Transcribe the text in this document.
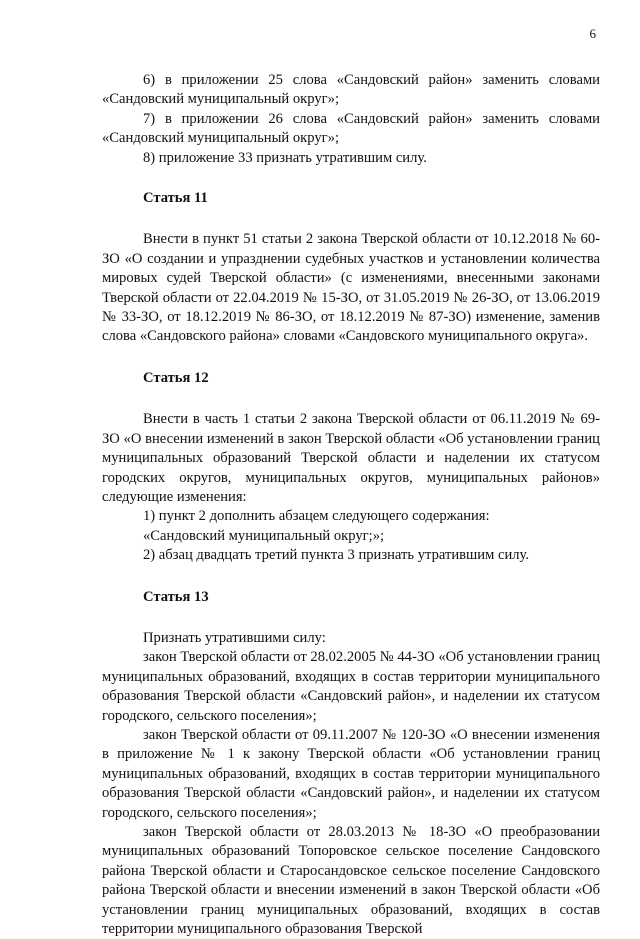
6

6) в приложении 25 слова «Сандовский район» заменить словами «Сандовский муниципальный округ»;

7) в приложении 26 слова «Сандовский район» заменить словами «Сандовский муниципальный округ»;

8) приложение 33 признать утратившим силу.

Статья 11

Внести в пункт 51 статьи 2 закона Тверской области от 10.12.2018 № 60-ЗО «О создании и упразднении судебных участков и установлении количества мировых судей Тверской области» (с изменениями, внесенными законами Тверской области от 22.04.2019 № 15-ЗО, от 31.05.2019 № 26-ЗО, от 13.06.2019 № 33-ЗО, от 18.12.2019 № 86-ЗО, от 18.12.2019 № 87-ЗО) изменение, заменив слова «Сандовского района» словами «Сандовского муниципального округа».

Статья 12

Внести в часть 1 статьи 2 закона Тверской области от 06.11.2019 № 69-ЗО «О внесении изменений в закон Тверской области «Об установлении границ муниципальных образований Тверской области и наделении их статусом городских округов, муниципальных округов, муниципальных районов» следующие изменения:

1) пункт 2 дополнить абзацем следующего содержания:

«Сандовский муниципальный округ;»;

2) абзац двадцать третий пункта 3 признать утратившим силу.

Статья 13

Признать утратившими силу:

закон Тверской области от 28.02.2005 № 44-ЗО «Об установлении границ муниципальных образований, входящих в состав территории муниципального образования Тверской области «Сандовский район», и наделении их статусом городского, сельского поселения»;

закон Тверской области от 09.11.2007 № 120-ЗО «О внесении изменения в приложение № 1 к закону Тверской области «Об установлении границ муниципальных образований, входящих в состав территории муниципального образования Тверской области «Сандовский район», и наделении их статусом городского, сельского поселения»;

закон Тверской области от 28.03.2013 № 18-ЗО «О преобразовании муниципальных образований Топоровское сельское поселение Сандовского района Тверской области и Старосандовское сельское поселение Сандовского района Тверской области и внесении изменений в закон Тверской области «Об установлении границ муниципальных образований, входящих в состав территории муниципального образования Тверской
